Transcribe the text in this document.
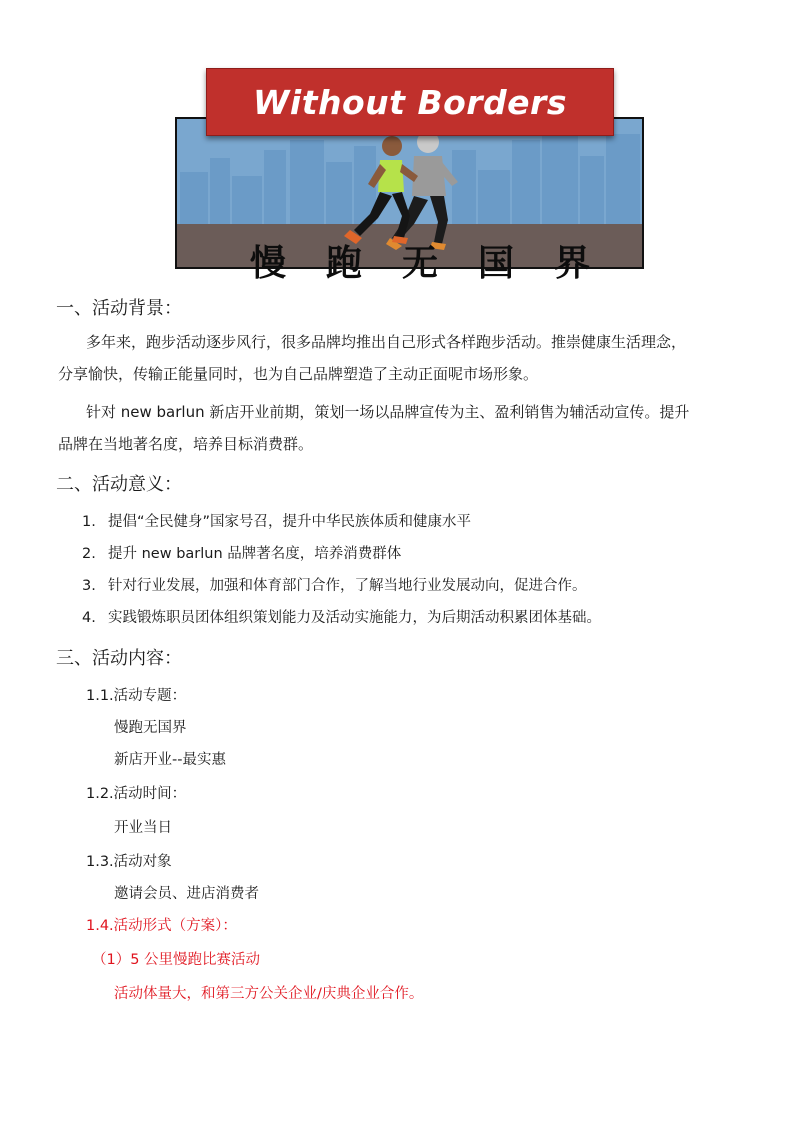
Without Borders
慢 跑 无 国 界
一、活动背景：
多年来，跑步活动逐步风行，很多品牌均推出自己形式各样跑步活动。推崇健康生活理念，
分享愉快，传输正能量同时，也为自己品牌塑造了主动正面呢市场形象。
针对 new barlun 新店开业前期，策划一场以品牌宣传为主、盈利销售为辅活动宣传。提升
品牌在当地著名度，培养目标消费群。
二、活动意义：
1. 提倡“全民健身”国家号召，提升中华民族体质和健康水平
2. 提升 new barlun 品牌著名度，培养消费群体
3. 针对行业发展，加强和体育部门合作，了解当地行业发展动向，促进合作。
4. 实践锻炼职员团体组织策划能力及活动实施能力，为后期活动积累团体基础。
三、活动内容：
1.1.活动专题：
慢跑无国界
新店开业--最实惠
1.2.活动时间：
开业当日
1.3.活动对象
邀请会员、进店消费者
1.4.活动形式（方案）：
（1）5 公里慢跑比赛活动
活动体量大，和第三方公关企业/庆典企业合作。
